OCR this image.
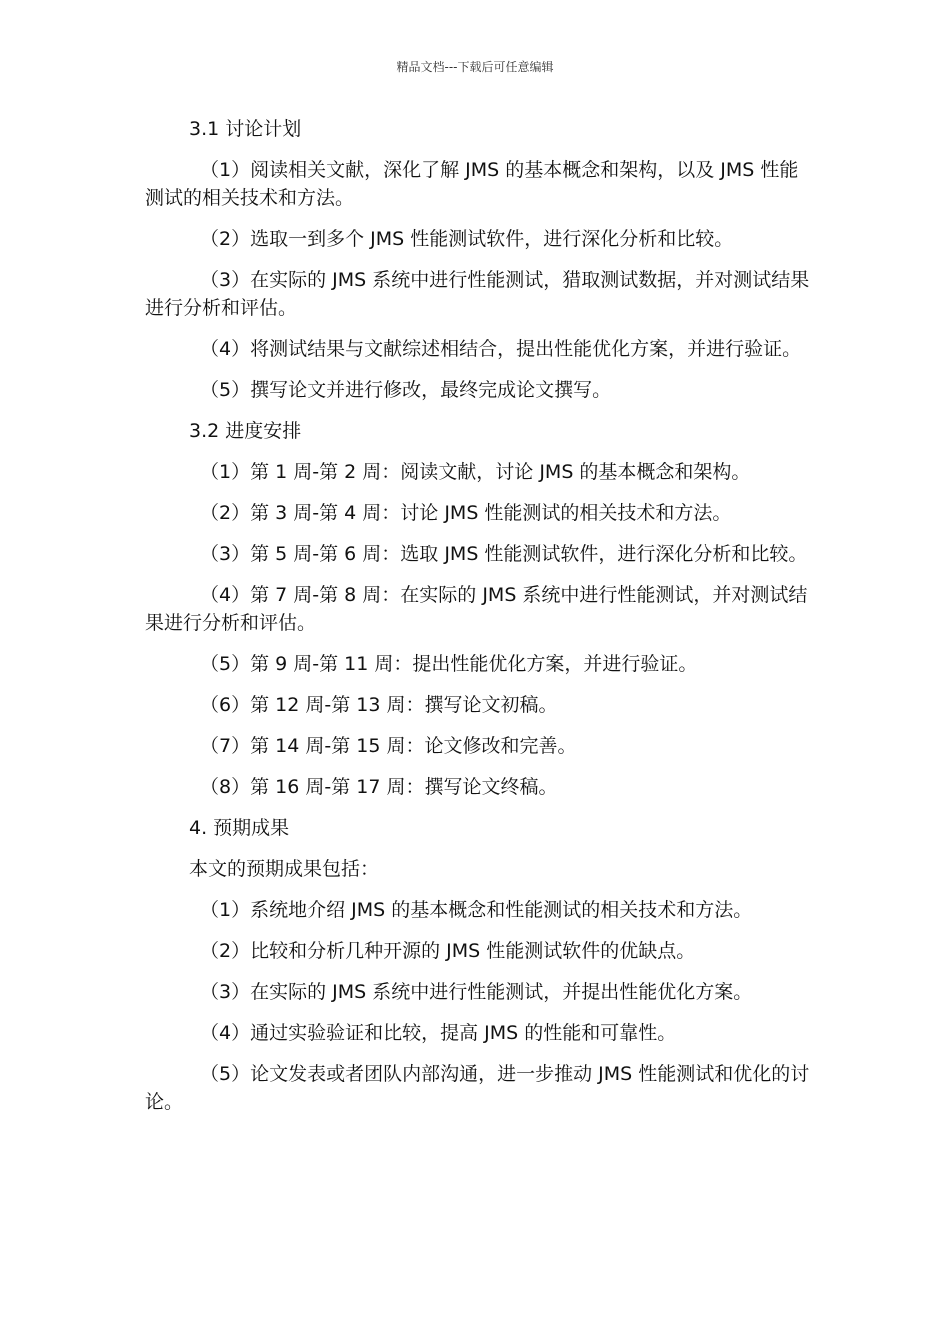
精品文档---下载后可任意编辑

3.1 讨论计划

（1）阅读相关文献，深化了解 JMS 的基本概念和架构，以及 JMS 性能测试的相关技术和方法。

（2）选取一到多个 JMS 性能测试软件，进行深化分析和比较。

（3）在实际的 JMS 系统中进行性能测试，猎取测试数据，并对测试结果进行分析和评估。

（4）将测试结果与文献综述相结合，提出性能优化方案，并进行验证。

（5）撰写论文并进行修改，最终完成论文撰写。

3.2 进度安排

（1）第 1 周-第 2 周：阅读文献，讨论 JMS 的基本概念和架构。

（2）第 3 周-第 4 周：讨论 JMS 性能测试的相关技术和方法。

（3）第 5 周-第 6 周：选取 JMS 性能测试软件，进行深化分析和比较。

（4）第 7 周-第 8 周：在实际的 JMS 系统中进行性能测试，并对测试结果进行分析和评估。

（5）第 9 周-第 11 周：提出性能优化方案，并进行验证。

（6）第 12 周-第 13 周：撰写论文初稿。

（7）第 14 周-第 15 周：论文修改和完善。

（8）第 16 周-第 17 周：撰写论文终稿。

4. 预期成果

本文的预期成果包括：

（1）系统地介绍 JMS 的基本概念和性能测试的相关技术和方法。

（2）比较和分析几种开源的 JMS 性能测试软件的优缺点。

（3）在实际的 JMS 系统中进行性能测试，并提出性能优化方案。

（4）通过实验验证和比较，提高 JMS 的性能和可靠性。

（5）论文发表或者团队内部沟通，进一步推动 JMS 性能测试和优化的讨论。
